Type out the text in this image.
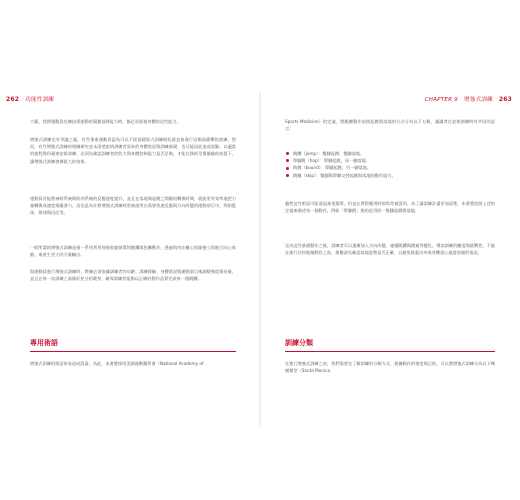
262 功能性訓練
大範，我傳運動員也練技術運動的競賽基礎能力時，都必須重視身體的這些能力。
增強式訓練也有爭議之處，有些專業運動員認為可以不從基礎肌力訓練開始就直接進行這類高衝擊的訓練，然而，有些增強式訓練的相關研究並未清楚說明訓練者原本的身體狀況與訓練基礎，也可能因此造成誤解。以適當的進程與份量來安排訓練，必須先確認訓練者的肌力與身體控制能力是否足夠，才能在降低受傷風險的前提下，讓增強式訓練發揮最大的效果。
運動員若能將神經系統與肌肉系統的反應速度提升，並且在落地與起跳之間縮短轉換時間，就能更有效率地把力量轉換成速度與爆發力。這也是為什麼增強式訓練經常被運用在需要快速反應與方向改變的運動項目中，例如籃球、排球與田徑等。
一般所謂的增強式訓練是指一系列利用伸展收縮循環的跳躍與投擲動作，透過肌肉在離心收縮後立即進行向心收縮，來產生更大的力量輸出。
與運動員進行增強式訓練時，教練必須依據訓練者的年齡、訓練經驗、身體狀況與運動項目來調整強度與份量，並且在每一次訓練之前做好充分的暖身，確保訓練者能夠以正確的動作品質完成每一個跳躍。
專用術語
增強式訓練的術語容易造成混淆，為此，本書將採用美國運動醫學會（National Academy of
CHAPTER 9 增強式訓練 263
Sports Medicine）的定義，將跳躍動作依照起跳與落地的方式分為以下五類，讓讀者在安排訓練時有共同的語言：
跳躍（jump）：雙腳起跳、雙腳落地。
單腳跳（hop）：單腳起跳，同一腳落地。
跨跳（bound）：單腳起跳，另一腳落地。
跳繩（skip）：雙腳與單腳交替起跳與落地的動作組合。
雖然這些術語可能看起來很簡單，但是在實際應用時卻常常被混用。為了讓訓練計畫更加清楚，本書將依照上述的定義來描述每一個動作，例如「單腳跳」指的是用同一隻腳起跳與落地。
完成這些基礎動作之後，訓練者可以逐漸加入方向改變、連續跳躍與跳箱等變化，增加訓練的難度與挑戰性。不過在進行任何進階動作之前，都應該先確認落地姿勢是否正確，以避免膝蓋內夾或身體重心過度前傾的情況。
訓練分類
在進行增強式訓練之前，我們需要先了解訓練的分類方式，根據動作的強度與目的，可以將增強式訓練分為以下幾種類型（Santa Monica
